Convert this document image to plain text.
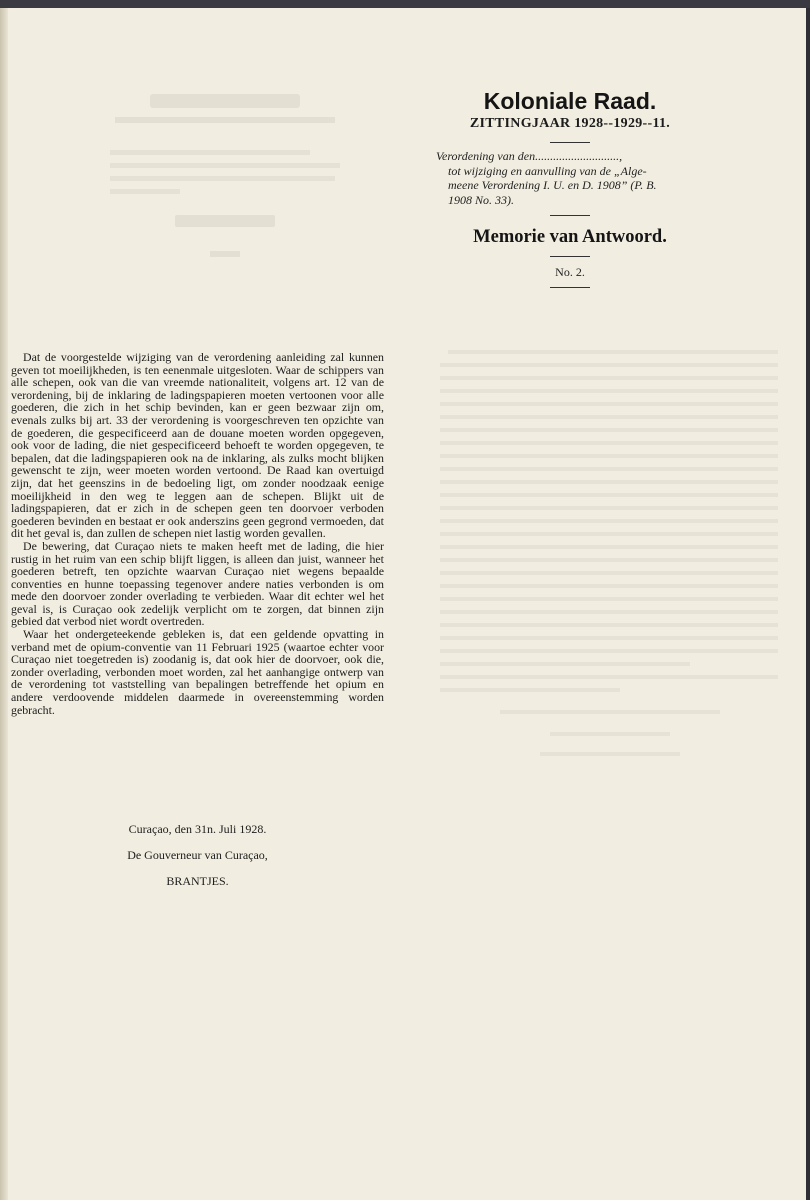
Koloniale Raad.

ZITTINGJAAR 1928--1929--11.

Verordening van den............................,

tot wijziging en aanvulling van de „Alge-
meene Verordening I. U. en D. 1908” (P. B.
1908 No. 33).

Memorie van Antwoord.

No. 2.

Dat de voorgestelde wijziging van de verordening aanleiding zal kunnen geven tot moeilijkheden, is ten eenenmale uitgesloten. Waar de schippers van alle schepen, ook van die van vreemde nationaliteit, volgens art. 12 van de verordening, bij de inklaring de ladingspapieren moeten vertoonen voor alle goederen, die zich in het schip bevinden, kan er geen bezwaar zijn om, evenals zulks bij art. 33 der verordening is voorgeschreven ten opzichte van de goederen, die gespecificeerd aan de douane moeten worden opgegeven, ook voor de lading, die niet gespecificeerd behoeft te worden opgegeven, te bepalen, dat die ladingspapieren ook na de inklaring, als zulks mocht blijken gewenscht te zijn, weer moeten worden vertoond. De Raad kan overtuigd zijn, dat het geenszins in de bedoeling ligt, om zonder noodzaak eenige moeilijkheid in den weg te leggen aan de schepen. Blijkt uit de ladingspapieren, dat er zich in de schepen geen ten doorvoer verboden goederen bevinden en bestaat er ook anderszins geen gegrond vermoeden, dat dit het geval is, dan zullen de schepen niet lastig worden gevallen.

De bewering, dat Curaçao niets te maken heeft met de lading, die hier rustig in het ruim van een schip blijft liggen, is alleen dan juist, wanneer het goederen betreft, ten opzichte waarvan Curaçao niet wegens bepaalde conventies en hunne toepassing tegenover andere naties verbonden is om mede den doorvoer zonder overlading te verbieden. Waar dit echter wel het geval is, is Curaçao ook zedelijk verplicht om te zorgen, dat binnen zijn gebied dat verbod niet wordt overtreden.

Waar het ondergeteekende gebleken is, dat een geldende opvatting in verband met de opium-conventie van 11 Februari 1925 (waartoe echter voor Curaçao niet toegetreden is) zoodanig is, dat ook hier de doorvoer, ook die, zonder overlading, verbonden moet worden, zal het aanhangige ontwerp van de verordening tot vaststelling van bepalingen betreffende het opium en andere verdoovende middelen daarmede in overeenstemming worden gebracht.

Curaçao, den 31n. Juli 1928.
De Gouverneur van Curaçao,
BRANTJES.
